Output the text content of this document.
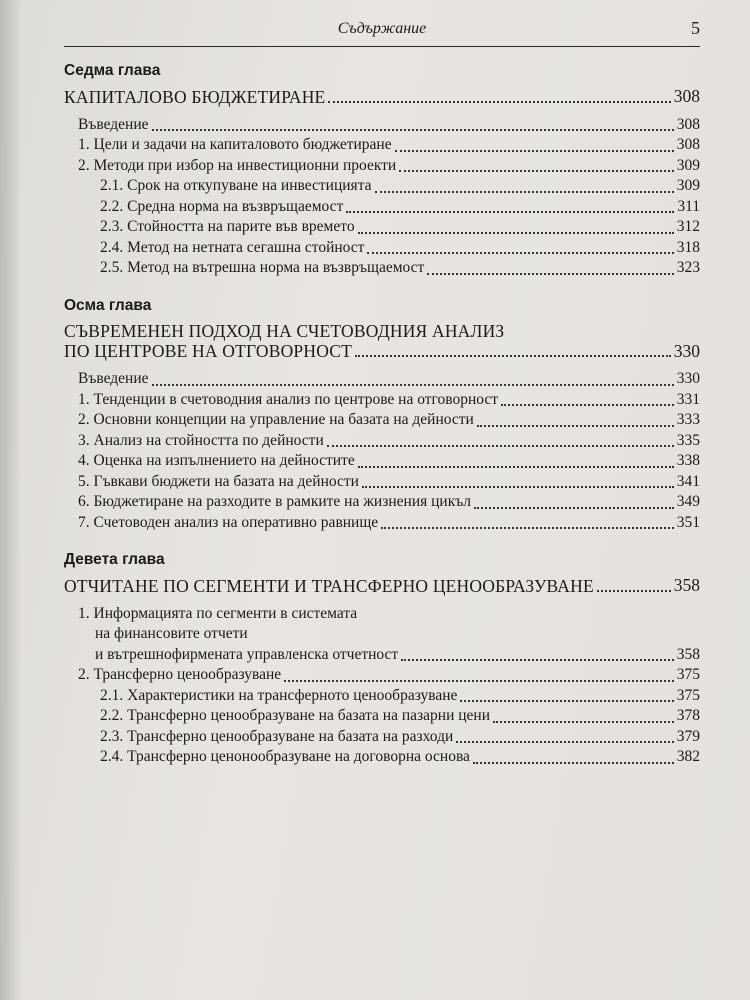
Съдържание	5
Седма глава
КАПИТАЛОВО БЮДЖЕТИРАНЕ	308
Въведение	308
1. Цели и задачи на капиталовото бюджетиране	308
2. Методи при избор на инвестиционни проекти	309
2.1. Срок на откупуване на инвестицията	309
2.2. Средна норма на възвръщаемост	311
2.3. Стойността на парите във времето	312
2.4. Метод на нетната сегашна стойност	318
2.5. Метод на вътрешна норма на възвръщаемост	323
Осма глава
СЪВРЕМЕНЕН ПОДХОД НА СЧЕТОВОДНИЯ АНАЛИЗ
ПО ЦЕНТРОВЕ НА ОТГОВОРНОСТ	330
Въведение	330
1. Тенденции в счетоводния анализ по центрове на отговорност	331
2. Основни концепции на управление на базата на дейности	333
3. Анализ на стойността по дейности	335
4. Оценка на изпълнението на дейностите	338
5. Гъвкави бюджети на базата на дейности	341
6. Бюджетиране на разходите в рамките на жизнения цикъл	349
7. Счетоводен анализ на оперативно равнище	351
Девета глава
ОТЧИТАНЕ ПО СЕГМЕНТИ И ТРАНСФЕРНО ЦЕНООБРАЗУВАНЕ	358
1. Информацията по сегменти в системата
на финансовите отчети
и вътрешнофирмената управленска отчетност	358
2. Трансферно ценообразуване	375
2.1. Характеристики на трансферното ценообразуване	375
2.2. Трансферно ценообразуване на базата на пазарни цени	378
2.3. Трансферно ценообразуване на базата на разходи	379
2.4. Трансферно ценонообразуване на договорна основа	382
